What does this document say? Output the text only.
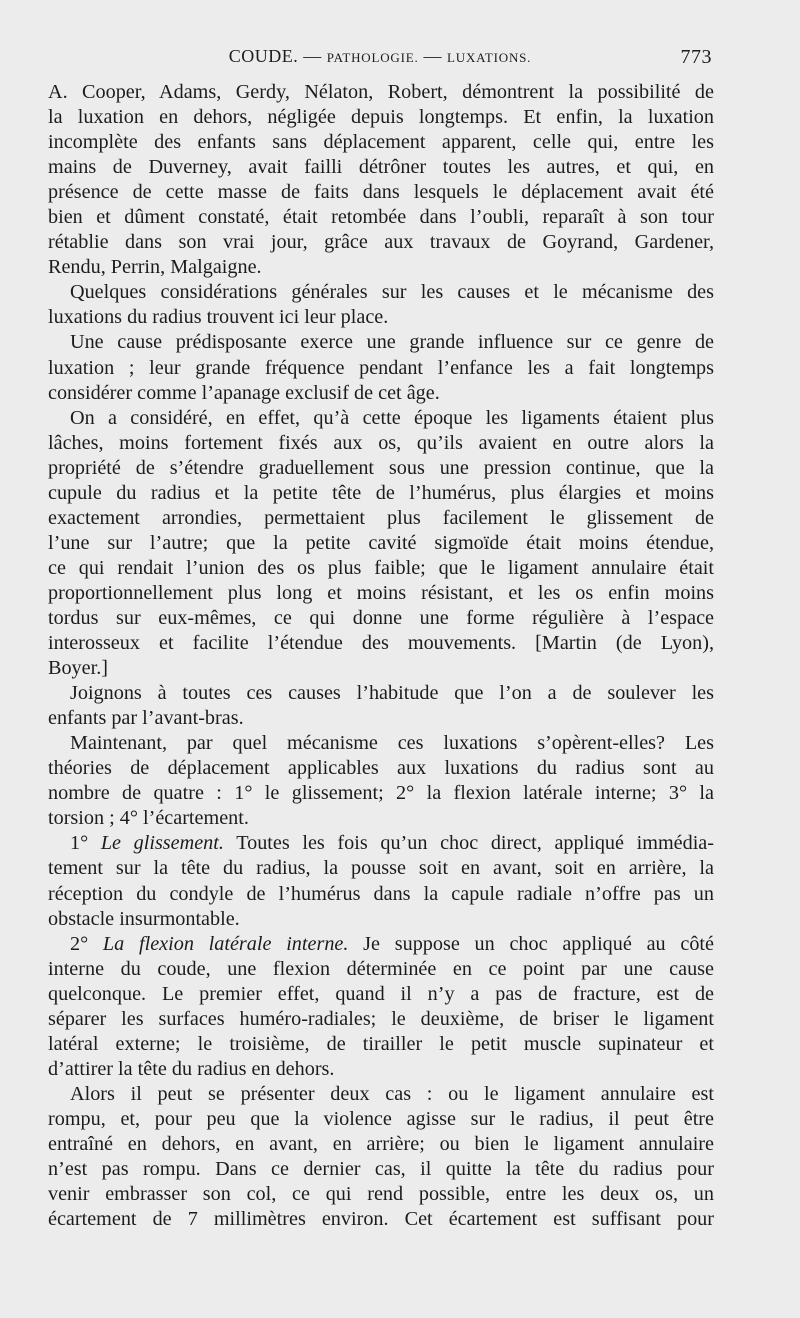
COUDE. — PATHOLOGIE. — LUXATIONS.	773
A. Cooper, Adams, Gerdy, Nélaton, Robert, démontrent la possibilité de
la luxation en dehors, négligée depuis longtemps. Et enfin, la luxation
incomplète des enfants sans déplacement apparent, celle qui, entre les
mains de Duverney, avait failli détrôner toutes les autres, et qui, en
présence de cette masse de faits dans lesquels le déplacement avait été
bien et dûment constaté, était retombée dans l’oubli, reparaît à son tour
rétablie dans son vrai jour, grâce aux travaux de Goyrand, Gardener,
Rendu, Perrin, Malgaigne.
Quelques considérations générales sur les causes et le mécanisme des
luxations du radius trouvent ici leur place.
Une cause prédisposante exerce une grande influence sur ce genre de
luxation ; leur grande fréquence pendant l’enfance les a fait longtemps
considérer comme l’apanage exclusif de cet âge.
On a considéré, en effet, qu’à cette époque les ligaments étaient plus
lâches, moins fortement fixés aux os, qu’ils avaient en outre alors la
propriété de s’étendre graduellement sous une pression continue, que la
cupule du radius et la petite tête de l’humérus, plus élargies et moins
exactement arrondies, permettaient plus facilement le glissement de
l’une sur l’autre; que la petite cavité sigmoïde était moins étendue,
ce qui rendait l’union des os plus faible; que le ligament annulaire était
proportionnellement plus long et moins résistant, et les os enfin moins
tordus sur eux-mêmes, ce qui donne une forme régulière à l’espace
interosseux et facilite l’étendue des mouvements. [Martin (de Lyon),
Boyer.]
Joignons à toutes ces causes l’habitude que l’on a de soulever les
enfants par l’avant-bras.
Maintenant, par quel mécanisme ces luxations s’opèrent-elles? Les
théories de déplacement applicables aux luxations du radius sont au
nombre de quatre : 1° le glissement; 2° la flexion latérale interne; 3° la
torsion ; 4° l’écartement.
1° Le glissement. Toutes les fois qu’un choc direct, appliqué immédia-
tement sur la tête du radius, la pousse soit en avant, soit en arrière, la
réception du condyle de l’humérus dans la capule radiale n’offre pas un
obstacle insurmontable.
2° La flexion latérale interne. Je suppose un choc appliqué au côté
interne du coude, une flexion déterminée en ce point par une cause
quelconque. Le premier effet, quand il n’y a pas de fracture, est de
séparer les surfaces huméro-radiales; le deuxième, de briser le ligament
latéral externe; le troisième, de tirailler le petit muscle supinateur et
d’attirer la tête du radius en dehors.
Alors il peut se présenter deux cas : ou le ligament annulaire est
rompu, et, pour peu que la violence agisse sur le radius, il peut être
entraîné en dehors, en avant, en arrière; ou bien le ligament annulaire
n’est pas rompu. Dans ce dernier cas, il quitte la tête du radius pour
venir embrasser son col, ce qui rend possible, entre les deux os, un
écartement de 7 millimètres environ. Cet écartement est suffisant pour
